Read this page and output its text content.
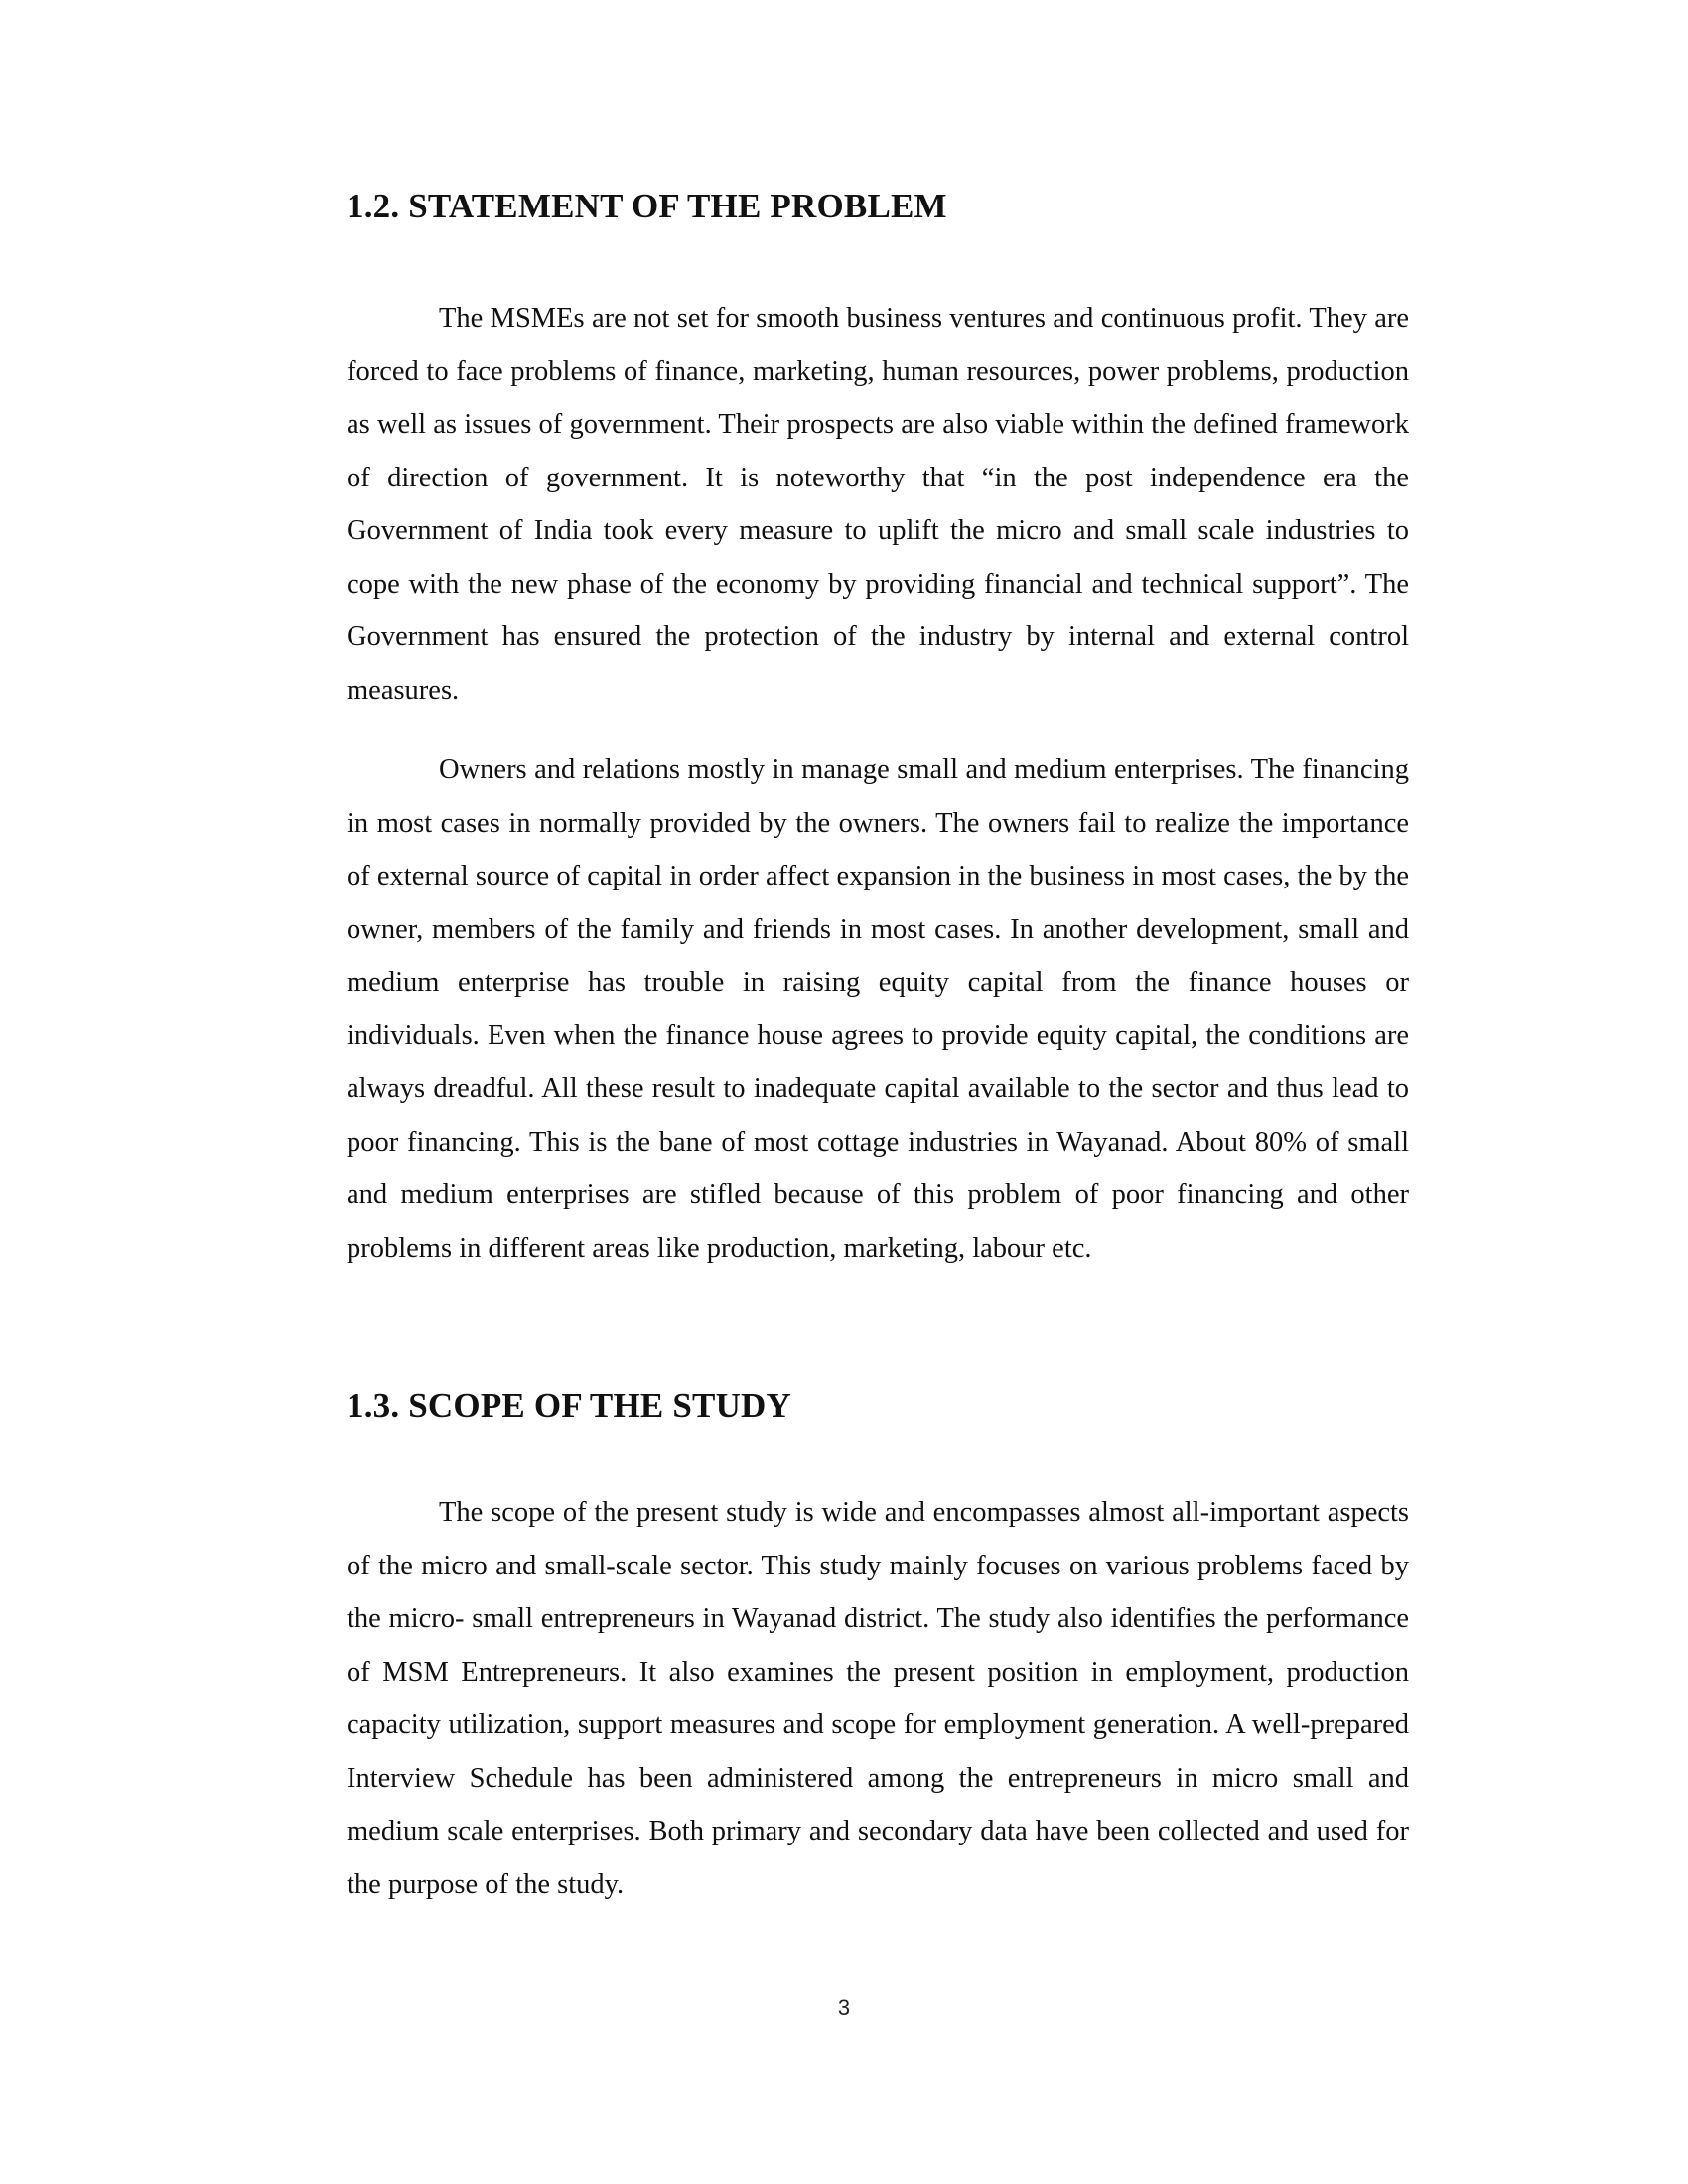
1.2. STATEMENT OF THE PROBLEM

The MSMEs are not set for smooth business ventures and continuous profit. They are forced to face problems of finance, marketing, human resources, power problems, production as well as issues of government. Their prospects are also viable within the defined framework of direction of government. It is noteworthy that “in the post independence era the Government of India took every measure to uplift the micro and small scale industries to cope with the new phase of the economy by providing financial and technical support”. The Government has ensured the protection of the industry by internal and external control measures.

Owners and relations mostly in manage small and medium enterprises. The financing in most cases in normally provided by the owners. The owners fail to realize the importance of external source of capital in order affect expansion in the business in most cases, the by the owner, members of the family and friends in most cases. In another development, small and medium enterprise has trouble in raising equity capital from the finance houses or individuals. Even when the finance house agrees to provide equity capital, the conditions are always dreadful. All these result to inadequate capital available to the sector and thus lead to poor financing. This is the bane of most cottage industries in Wayanad. About 80% of small and medium enterprises are stifled because of this problem of poor financing and other problems in different areas like production, marketing, labour etc.

1.3. SCOPE OF THE STUDY

The scope of the present study is wide and encompasses almost all-important aspects of the micro and small-scale sector. This study mainly focuses on various problems faced by the micro- small entrepreneurs in Wayanad district. The study also identifies the performance of MSM Entrepreneurs. It also examines the present position in employment, production capacity utilization, support measures and scope for employment generation. A well-prepared Interview Schedule has been administered among the entrepreneurs in micro small and medium scale enterprises. Both primary and secondary data have been collected and used for the purpose of the study.

3
